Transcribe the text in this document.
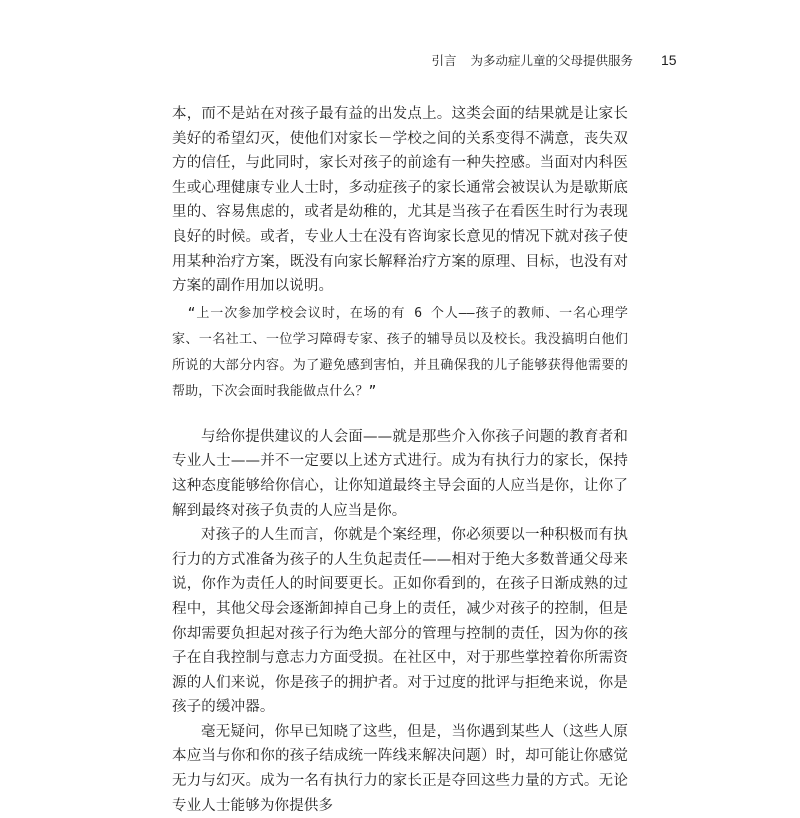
引言 为多动症儿童的父母提供服务 15

本，而不是站在对孩子最有益的出发点上。这类会面的结果就是让家长美好的希望幻灭，使他们对家长－学校之间的关系变得不满意，丧失双方的信任，与此同时，家长对孩子的前途有一种失控感。当面对内科医生或心理健康专业人士时，多动症孩子的家长通常会被误认为是歇斯底里的、容易焦虑的，或者是幼稚的，尤其是当孩子在看医生时行为表现良好的时候。或者，专业人士在没有咨询家长意见的情况下就对孩子使用某种治疗方案，既没有向家长解释治疗方案的原理、目标，也没有对方案的副作用加以说明。

“上一次参加学校会议时，在场的有 6 个人——孩子的教师、一名心理学家、一名社工、一位学习障碍专家、孩子的辅导员以及校长。我没搞明白他们所说的大部分内容。为了避免感到害怕，并且确保我的儿子能够获得他需要的帮助，下次会面时我能做点什么？”

与给你提供建议的人会面——就是那些介入你孩子问题的教育者和专业人士——并不一定要以上述方式进行。成为有执行力的家长，保持这种态度能够给你信心，让你知道最终主导会面的人应当是你，让你了解到最终对孩子负责的人应当是你。

对孩子的人生而言，你就是个案经理，你必须要以一种积极而有执行力的方式准备为孩子的人生负起责任——相对于绝大多数普通父母来说，你作为责任人的时间要更长。正如你看到的，在孩子日渐成熟的过程中，其他父母会逐渐卸掉自己身上的责任，减少对孩子的控制，但是你却需要负担起对孩子行为绝大部分的管理与控制的责任，因为你的孩子在自我控制与意志力方面受损。在社区中，对于那些掌控着你所需资源的人们来说，你是孩子的拥护者。对于过度的批评与拒绝来说，你是孩子的缓冲器。

毫无疑问，你早已知晓了这些，但是，当你遇到某些人（这些人原本应当与你和你的孩子结成统一阵线来解决问题）时，却可能让你感觉无力与幻灭。成为一名有执行力的家长正是夺回这些力量的方式。无论专业人士能够为你提供多
